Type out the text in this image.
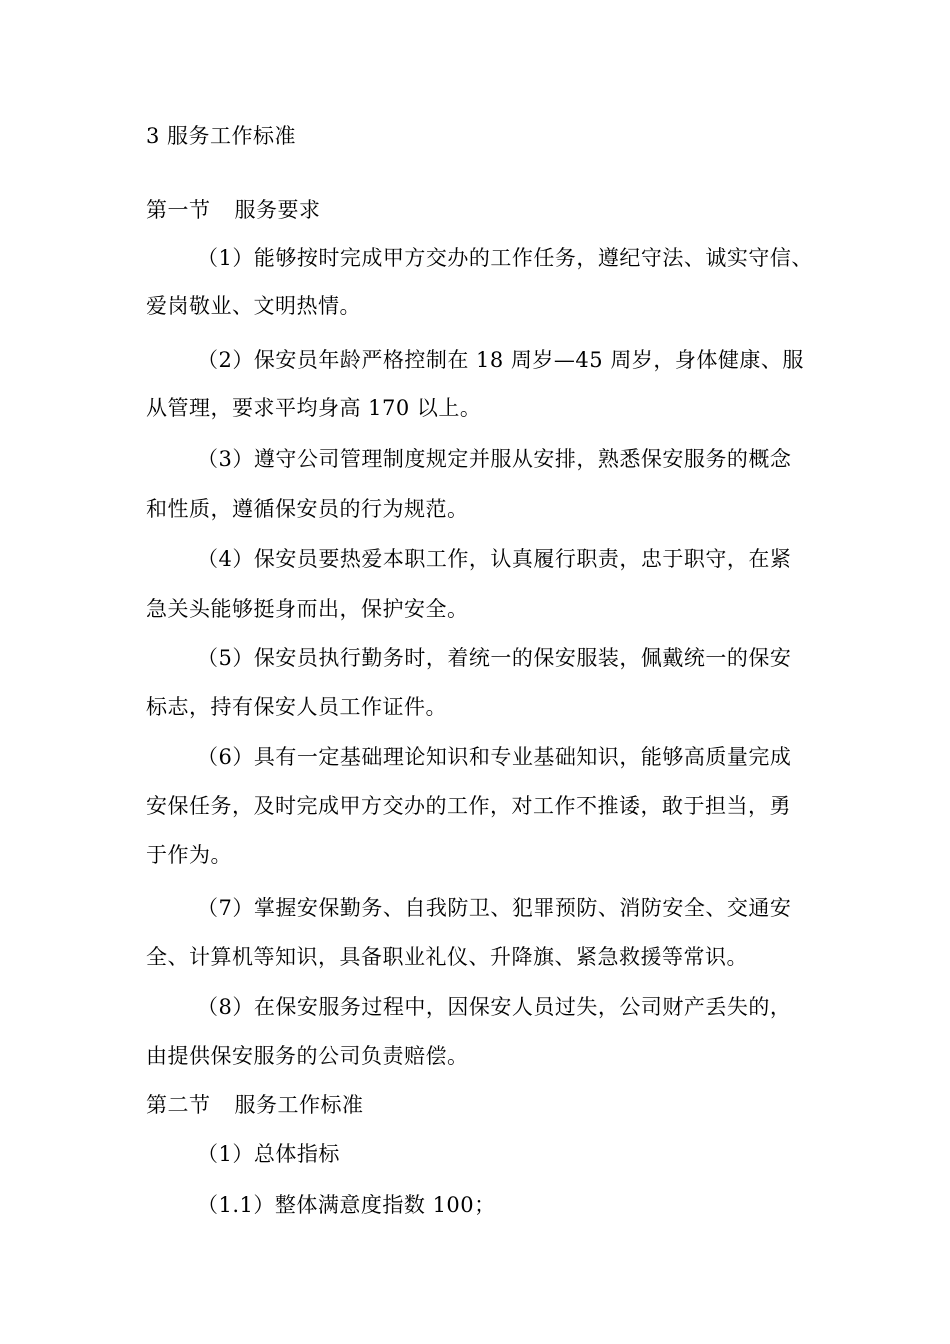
3 服务工作标准
第一节 服务要求
（1）能够按时完成甲方交办的工作任务，遵纪守法、诚实守信、
爱岗敬业、文明热情。
（2）保安员年龄严格控制在 18 周岁—45 周岁，身体健康、服
从管理，要求平均身高 170 以上。
（3）遵守公司管理制度规定并服从安排，熟悉保安服务的概念
和性质，遵循保安员的行为规范。
（4）保安员要热爱本职工作，认真履行职责，忠于职守，在紧
急关头能够挺身而出，保护安全。
（5）保安员执行勤务时，着统一的保安服装，佩戴统一的保安
标志，持有保安人员工作证件。
（6）具有一定基础理论知识和专业基础知识，能够高质量完成
安保任务，及时完成甲方交办的工作，对工作不推诿，敢于担当，勇
于作为。
（7）掌握安保勤务、自我防卫、犯罪预防、消防安全、交通安
全、计算机等知识，具备职业礼仪、升降旗、紧急救援等常识。
（8）在保安服务过程中，因保安人员过失，公司财产丢失的，
由提供保安服务的公司负责赔偿。
第二节 服务工作标准
（1）总体指标
（1.1）整体满意度指数 100；
